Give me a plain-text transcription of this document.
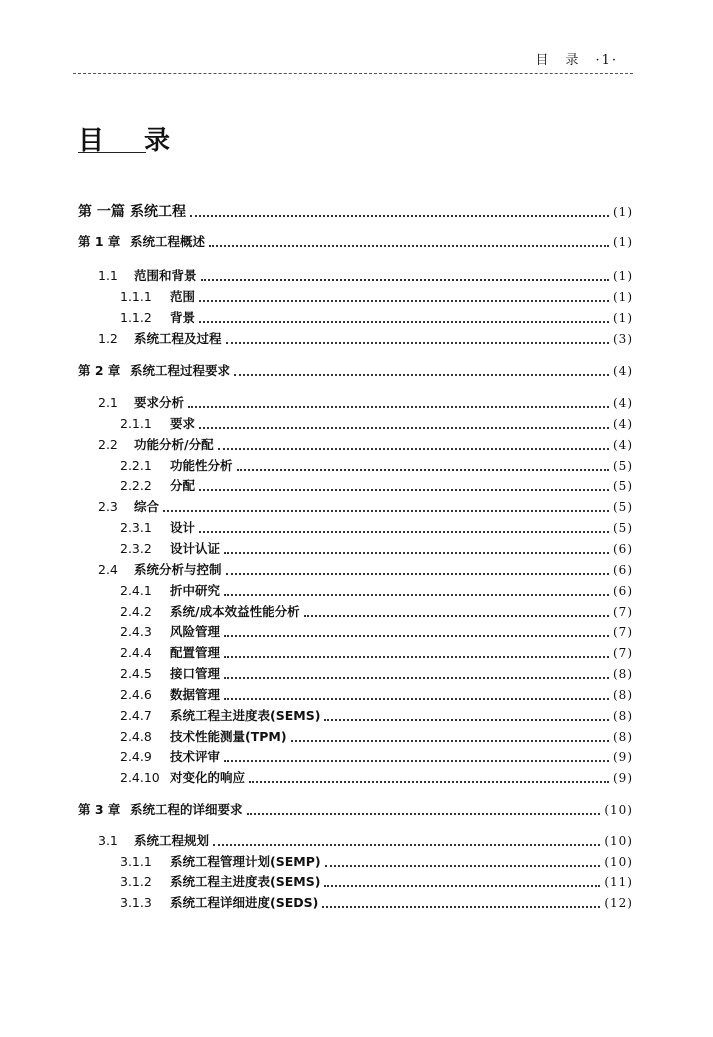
目　录　·1·
目 录
第 一篇 系统工程	(1)
第 1 章 系统工程概述	(1)
1.1	范围和背景	(1)
1.1.1	范围	(1)
1.1.2	背景	(1)
1.2	系统工程及过程	(3)
第 2 章 系统工程过程要求	(4)
2.1	要求分析	(4)
2.1.1	要求	(4)
2.2	功能分析/分配	(4)
2.2.1	功能性分析	(5)
2.2.2	分配	(5)
2.3	综合	(5)
2.3.1	设计	(5)
2.3.2	设计认证	(6)
2.4	系统分析与控制	(6)
2.4.1	折中研究	(6)
2.4.2	系统/成本效益性能分析	(7)
2.4.3	风险管理	(7)
2.4.4	配置管理	(7)
2.4.5	接口管理	(8)
2.4.6	数据管理	(8)
2.4.7	系统工程主进度表(SEMS)	(8)
2.4.8	技术性能测量(TPM)	(8)
2.4.9	技术评审	(9)
2.4.10 对变化的响应	(9)
第 3 章 系统工程的详细要求	(10)
3.1	系统工程规划	(10)
3.1.1	系统工程管理计划(SEMP)	(10)
3.1.2	系统工程主进度表(SEMS)	(11)
3.1.3	系统工程详细进度(SEDS)	(12)
